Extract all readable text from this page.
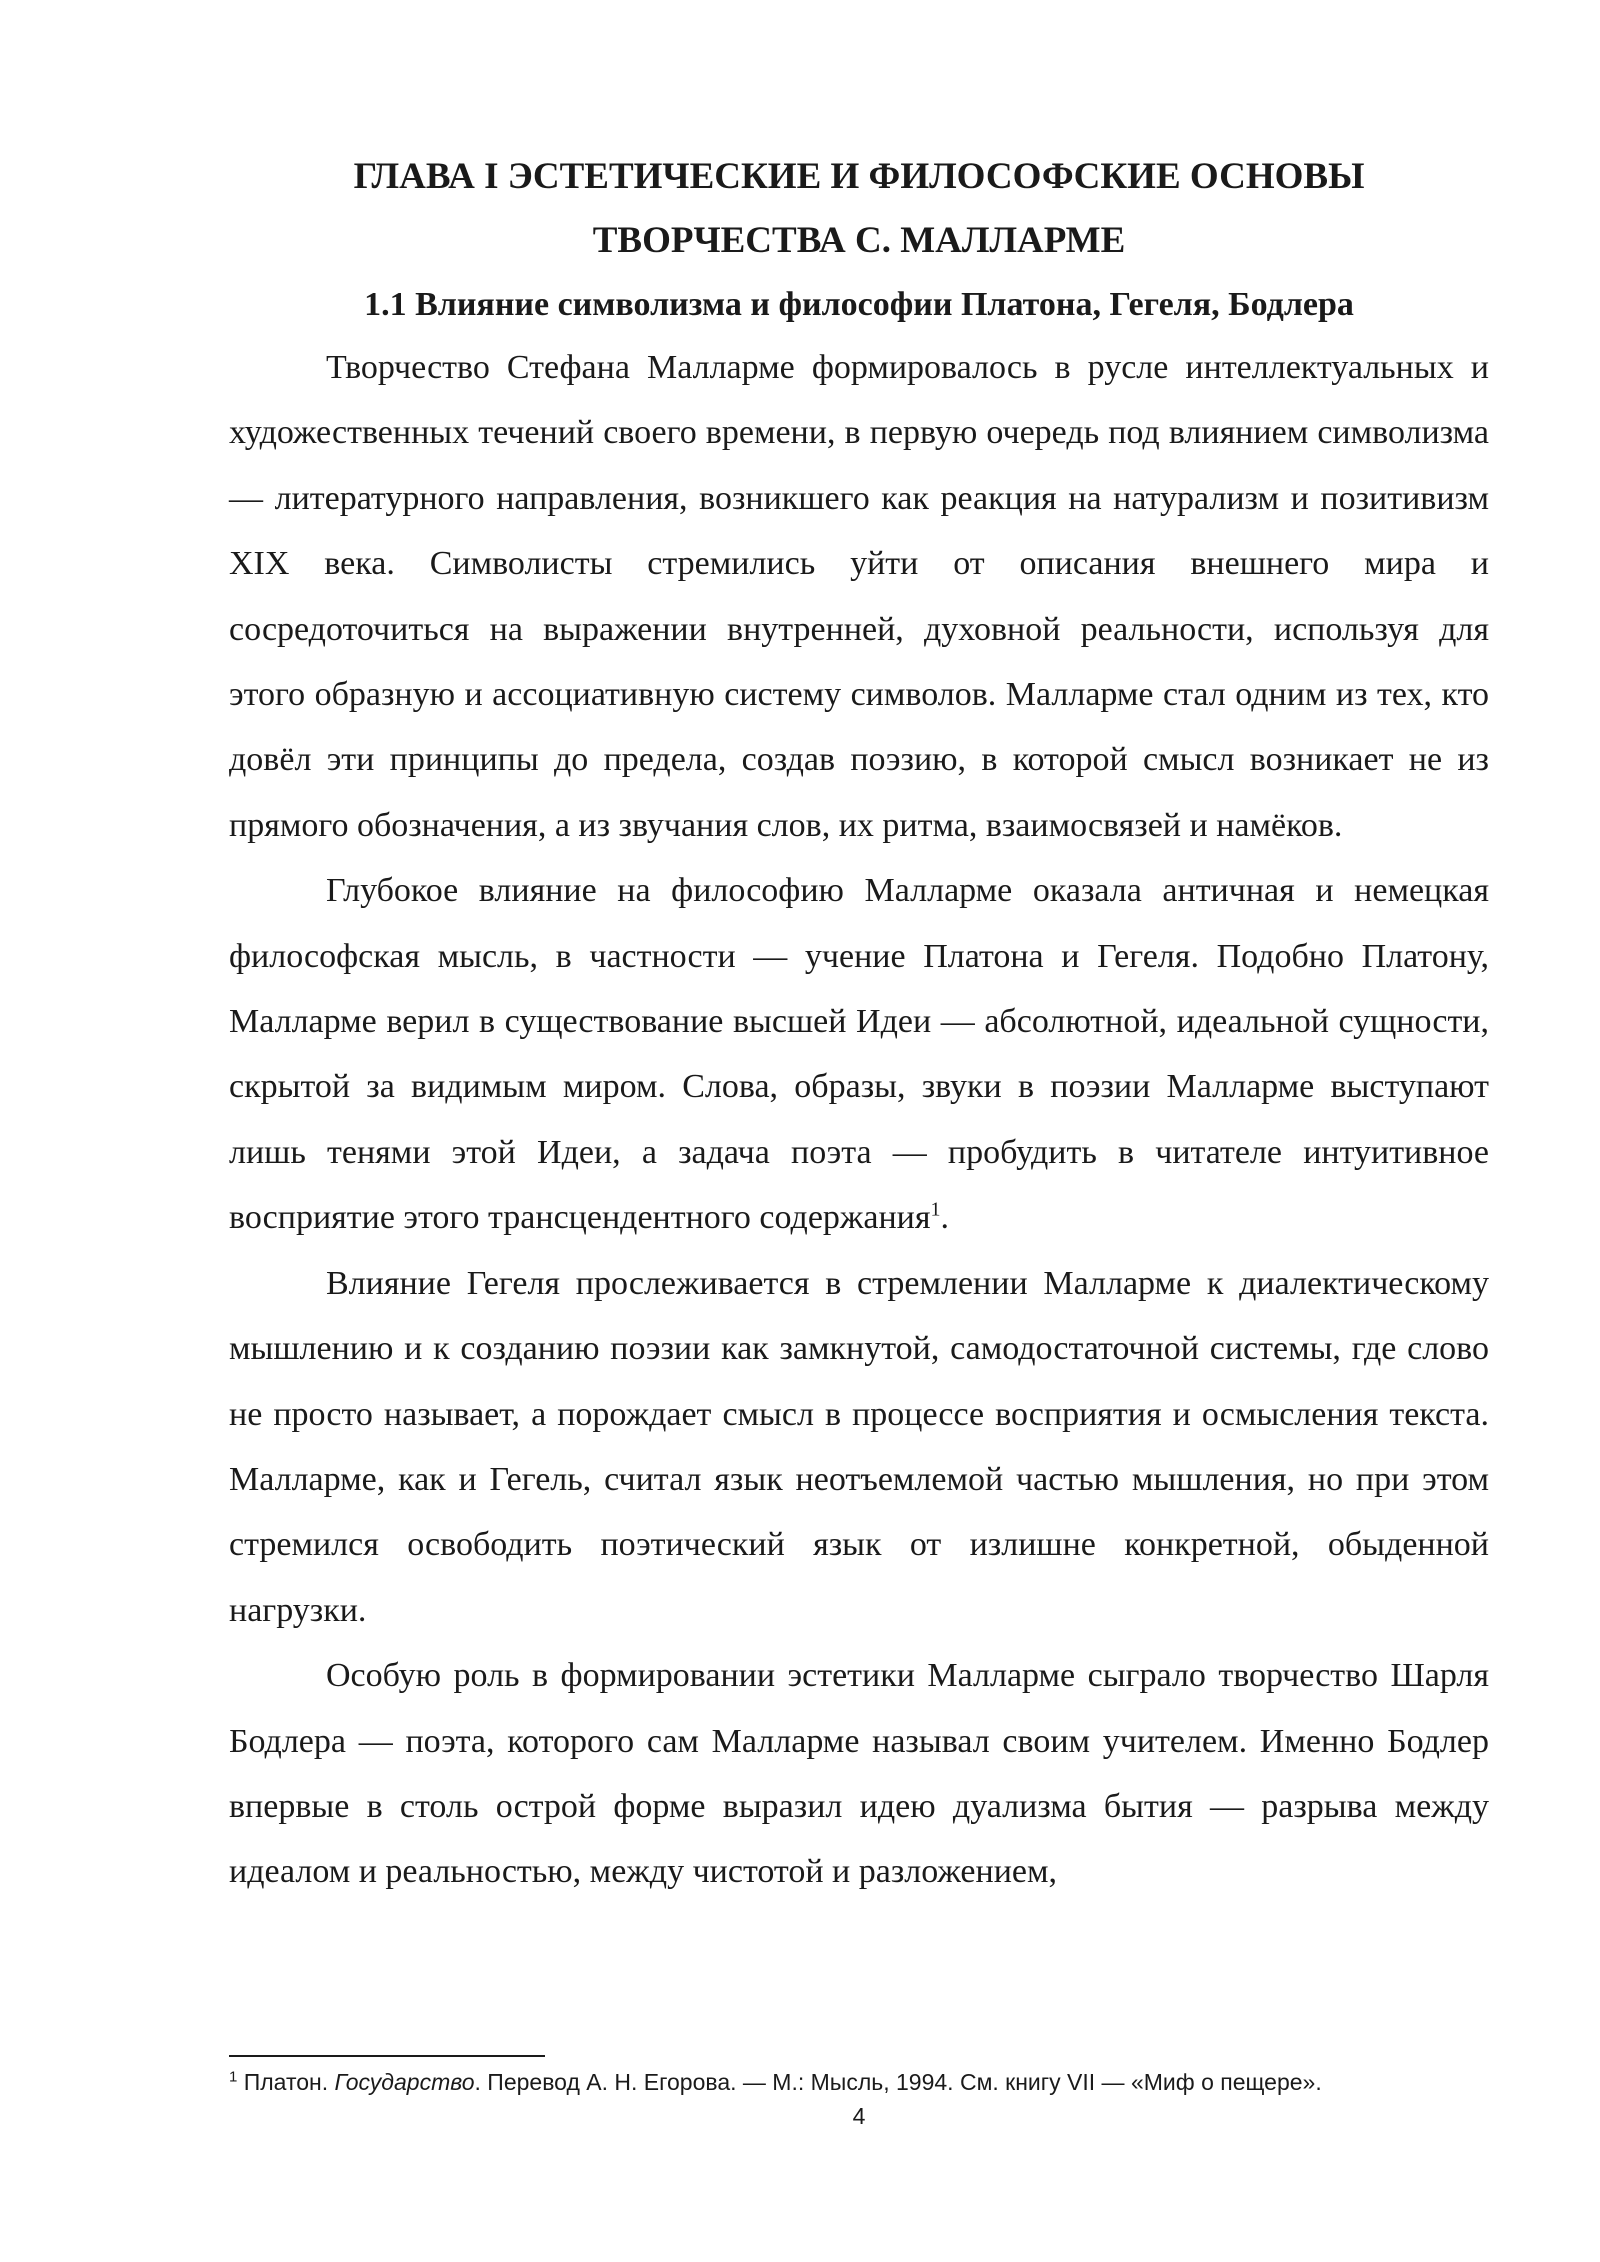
ГЛАВА I ЭСТЕТИЧЕСКИЕ И ФИЛОСОФСКИЕ ОСНОВЫ
ТВОРЧЕСТВА С. МАЛЛАРМЕ
1.1 Влияние символизма и философии Платона, Гегеля, Бодлера

Творчество Стефана Малларме формировалось в русле интеллектуальных и художественных течений своего времени, в первую очередь под влиянием символизма — литературного направления, возникшего как реакция на натурализм и позитивизм XIX века. Символисты стремились уйти от описания внешнего мира и сосредоточиться на выражении внутренней, духовной реальности, используя для этого образную и ассоциативную систему символов. Малларме стал одним из тех, кто довёл эти принципы до предела, создав поэзию, в которой смысл возникает не из прямого обозначения, а из звучания слов, их ритма, взаимосвязей и намёков.

Глубокое влияние на философию Малларме оказала античная и немецкая философская мысль, в частности — учение Платона и Гегеля. Подобно Платону, Малларме верил в существование высшей Идеи — абсолютной, идеальной сущности, скрытой за видимым миром. Слова, образы, звуки в поэзии Малларме выступают лишь тенями этой Идеи, а задача поэта — пробудить в читателе интуитивное восприятие этого трансцендентного содержания$^1$.

Влияние Гегеля прослеживается в стремлении Малларме к диалектическому мышлению и к созданию поэзии как замкнутой, самодостаточной системы, где слово не просто называет, а порождает смысл в процессе восприятия и осмысления текста. Малларме, как и Гегель, считал язык неотъемлемой частью мышления, но при этом стремился освободить поэтический язык от излишне конкретной, обыденной нагрузки.

Особую роль в формировании эстетики Малларме сыграло творчество Шарля Бодлера — поэта, которого сам Малларме называл своим учителем. Именно Бодлер впервые в столь острой форме выразил идею дуализма бытия — разрыва между идеалом и реальностью, между чистотой и разложением,

$^1$ Платон. Государство. Перевод А. Н. Егорова. — М.: Мысль, 1994. См. книгу VII — «Миф о пещере».

4
